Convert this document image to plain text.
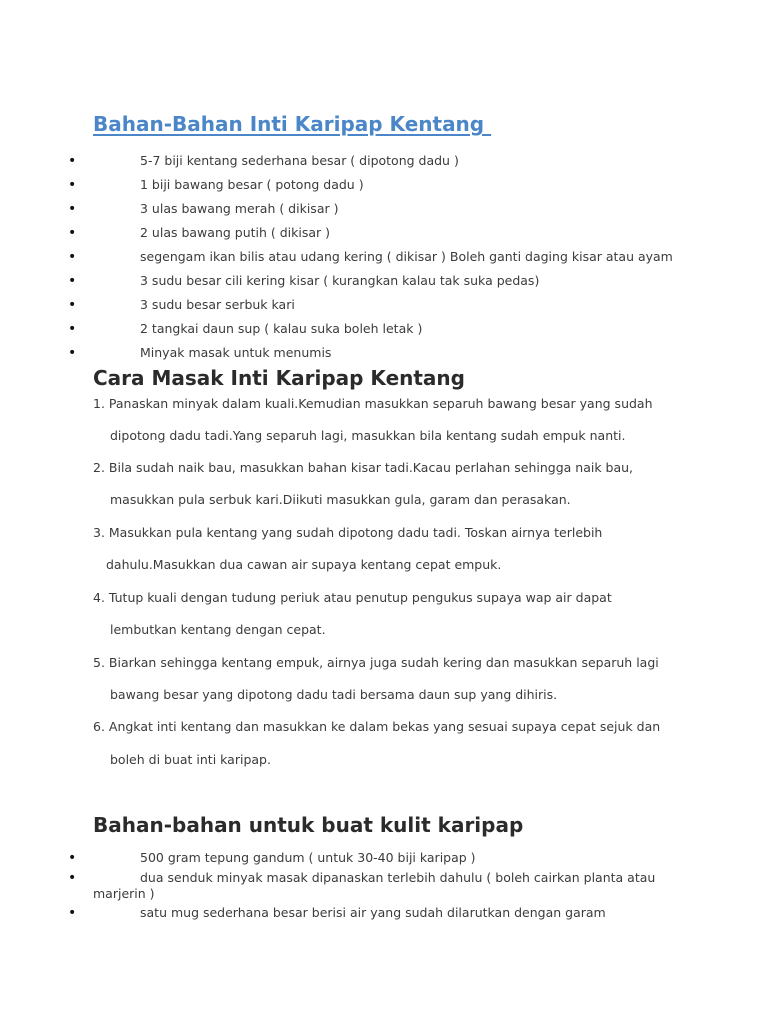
Bahan-Bahan Inti Karipap Kentang
•	5-7 biji kentang sederhana besar ( dipotong dadu )
•	1 biji bawang besar ( potong dadu )
•	3 ulas bawang merah ( dikisar )
•	2 ulas bawang putih ( dikisar )
•	segengam ikan bilis atau udang kering ( dikisar ) Boleh ganti daging kisar atau ayam
•	3 sudu besar cili kering kisar ( kurangkan kalau tak suka pedas)
•	3 sudu besar serbuk kari
•	2 tangkai daun sup ( kalau suka boleh letak )
•	Minyak masak untuk menumis
Cara Masak Inti Karipap Kentang
1. Panaskan minyak dalam kuali.Kemudian masukkan separuh bawang besar yang sudah
dipotong dadu tadi.Yang separuh lagi, masukkan bila kentang sudah empuk nanti.
2. Bila sudah naik bau, masukkan bahan kisar tadi.Kacau perlahan sehingga naik bau,
masukkan pula serbuk kari.Diikuti masukkan gula, garam dan perasakan.
3. Masukkan pula kentang yang sudah dipotong dadu tadi. Toskan airnya terlebih
dahulu.Masukkan dua cawan air supaya kentang cepat empuk.
4. Tutup kuali dengan tudung periuk atau penutup pengukus supaya wap air dapat
lembutkan kentang dengan cepat.
5. Biarkan sehingga kentang empuk, airnya juga sudah kering dan masukkan separuh lagi
bawang besar yang dipotong dadu tadi bersama daun sup yang dihiris.
6. Angkat inti kentang dan masukkan ke dalam bekas yang sesuai supaya cepat sejuk dan
boleh di buat inti karipap.
Bahan-bahan untuk buat kulit karipap
•	500 gram tepung gandum ( untuk 30-40 biji karipap )
•	dua senduk minyak masak dipanaskan terlebih dahulu ( boleh cairkan planta atau
marjerin )
•	satu mug sederhana besar berisi air yang sudah dilarutkan dengan garam
